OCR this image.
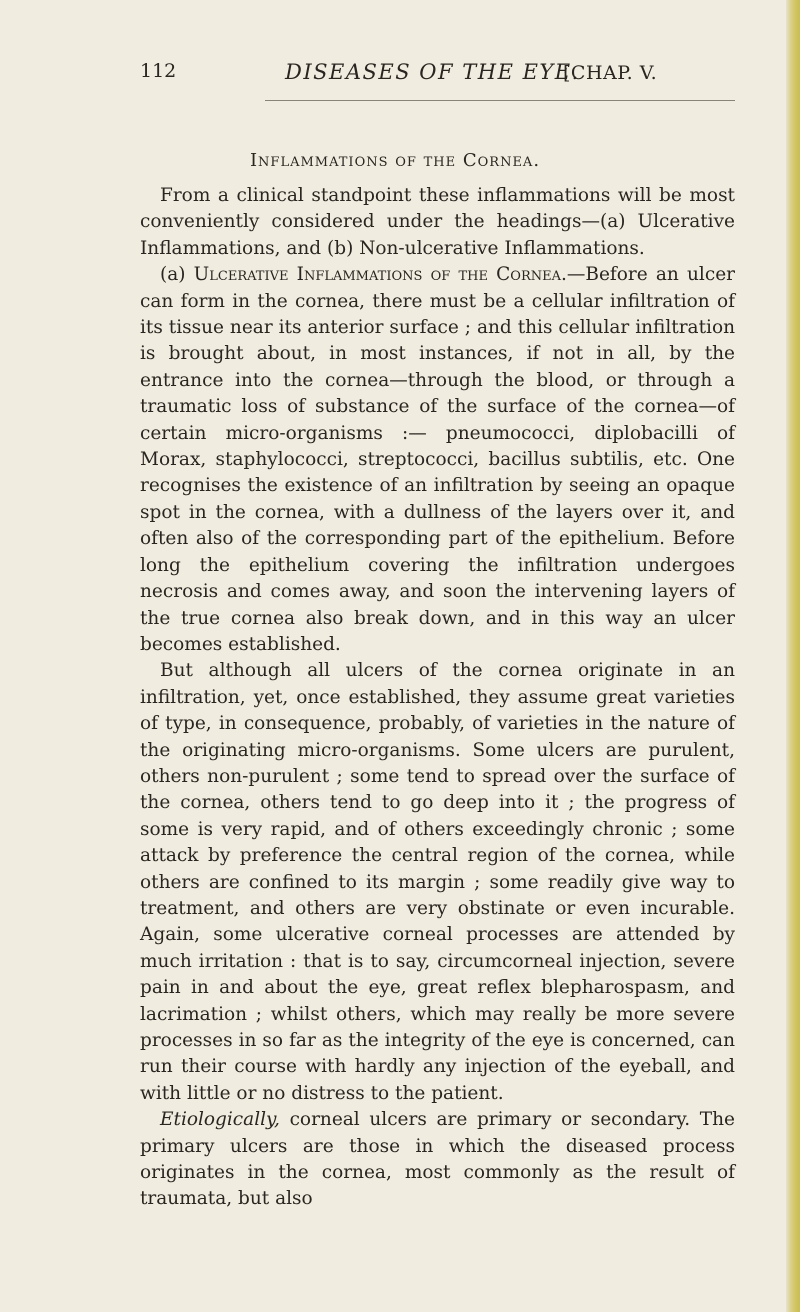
112	DISEASES OF THE EYE.
[CHAP. V.
Inflammations of the Cornea.

From a clinical standpoint these inflammations will be most conveniently considered under the headings—(a) Ulcerative Inflammations, and (b) Non-ulcerative Inflammations.

(a) Ulcerative Inflammations of the Cornea.—Before an ulcer can form in the cornea, there must be a cellular infiltration of its tissue near its anterior surface ; and this cellular infiltration is brought about, in most instances, if not in all, by the entrance into the cornea—through the blood, or through a traumatic loss of substance of the surface of the cornea—of certain micro-organisms :— pneumococci, diplobacilli of Morax, staphylococci, streptococci, bacillus subtilis, etc. One recognises the existence of an infiltration by seeing an opaque spot in the cornea, with a dullness of the layers over it, and often also of the corresponding part of the epithelium. Before long the epithelium covering the infiltration undergoes necrosis and comes away, and soon the intervening layers of the true cornea also break down, and in this way an ulcer becomes established.

But although all ulcers of the cornea originate in an infiltration, yet, once established, they assume great varieties of type, in consequence, probably, of varieties in the nature of the originating micro-organisms. Some ulcers are purulent, others non-purulent ; some tend to spread over the surface of the cornea, others tend to go deep into it ; the progress of some is very rapid, and of others exceedingly chronic ; some attack by preference the central region of the cornea, while others are confined to its margin ; some readily give way to treatment, and others are very obstinate or even incurable. Again, some ulcerative corneal processes are attended by much irritation : that is to say, circumcorneal injection, severe pain in and about the eye, great reflex blepharospasm, and lacrimation ; whilst others, which may really be more severe processes in so far as the integrity of the eye is concerned, can run their course with hardly any injection of the eyeball, and with little or no distress to the patient.

Etiologically, corneal ulcers are primary or secondary. The primary ulcers are those in which the diseased process originates in the cornea, most commonly as the result of traumata, but also
